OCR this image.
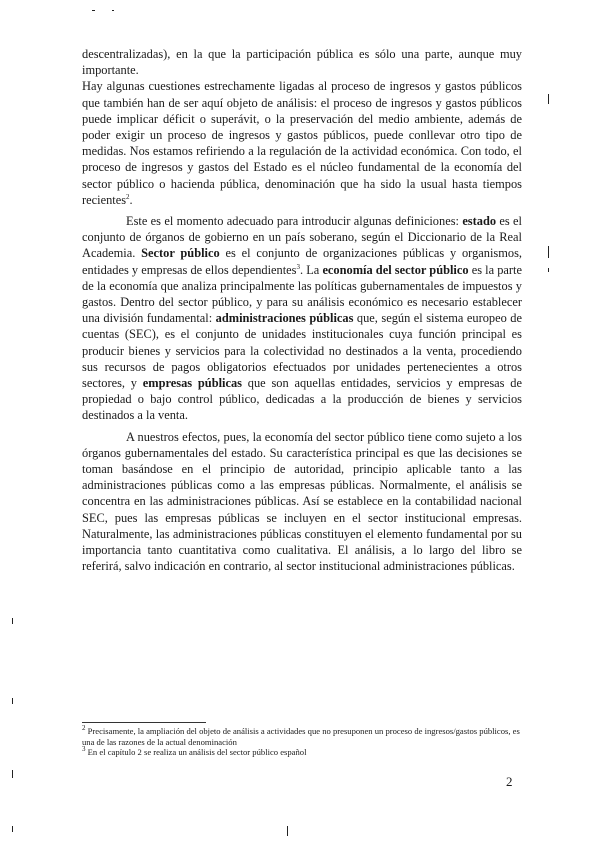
descentralizadas), en la que la participación pública es sólo una parte, aunque muy importante.

Hay algunas cuestiones estrechamente ligadas al proceso de ingresos y gastos públicos que también han de ser aquí objeto de análisis: el proceso de ingresos y gastos públicos puede implicar déficit o superávit, o la preservación del medio ambiente, además de poder exigir un proceso de ingresos y gastos públicos, puede conllevar otro tipo de medidas. Nos estamos refiriendo a la regulación de la actividad económica. Con todo, el proceso de ingresos y gastos del Estado es el núcleo fundamental de la economía del sector público o hacienda pública, denominación que ha sido la usual hasta tiempos recientes$^2$.

Este es el momento adecuado para introducir algunas definiciones: estado es el conjunto de órganos de gobierno en un país soberano, según el Diccionario de la Real Academia. Sector público es el conjunto de organizaciones públicas y organismos, entidades y empresas de ellos dependientes$^3$. La economía del sector público es la parte de la economía que analiza principalmente las políticas gubernamentales de impuestos y gastos. Dentro del sector público, y para su análisis económico es necesario establecer una división fundamental: administraciones públicas que, según el sistema europeo de cuentas (SEC), es el conjunto de unidades institucionales cuya función principal es producir bienes y servicios para la colectividad no destinados a la venta, procediendo sus recursos de pagos obligatorios efectuados por unidades pertenecientes a otros sectores, y empresas públicas que son aquellas entidades, servicios y empresas de propiedad o bajo control público, dedicadas a la producción de bienes y servicios destinados a la venta.

A nuestros efectos, pues, la economía del sector público tiene como sujeto a los órganos gubernamentales del estado. Su característica principal es que las decisiones se toman basándose en el principio de autoridad, principio aplicable tanto a las administraciones públicas como a las empresas públicas. Normalmente, el análisis se concentra en las administraciones públicas. Así se establece en la contabilidad nacional SEC, pues las empresas públicas se incluyen en el sector institucional empresas. Naturalmente, las administraciones públicas constituyen el elemento fundamental por su importancia tanto cuantitativa como cualitativa. El análisis, a lo largo del libro se referirá, salvo indicación en contrario, al sector institucional administraciones públicas.

$^2$ Precisamente, la ampliación del objeto de análisis a actividades que no presuponen un proceso de ingresos/gastos públicos, es una de las razones de la actual denominación

$^3$ En el capítulo 2 se realiza un análisis del sector público español

2
